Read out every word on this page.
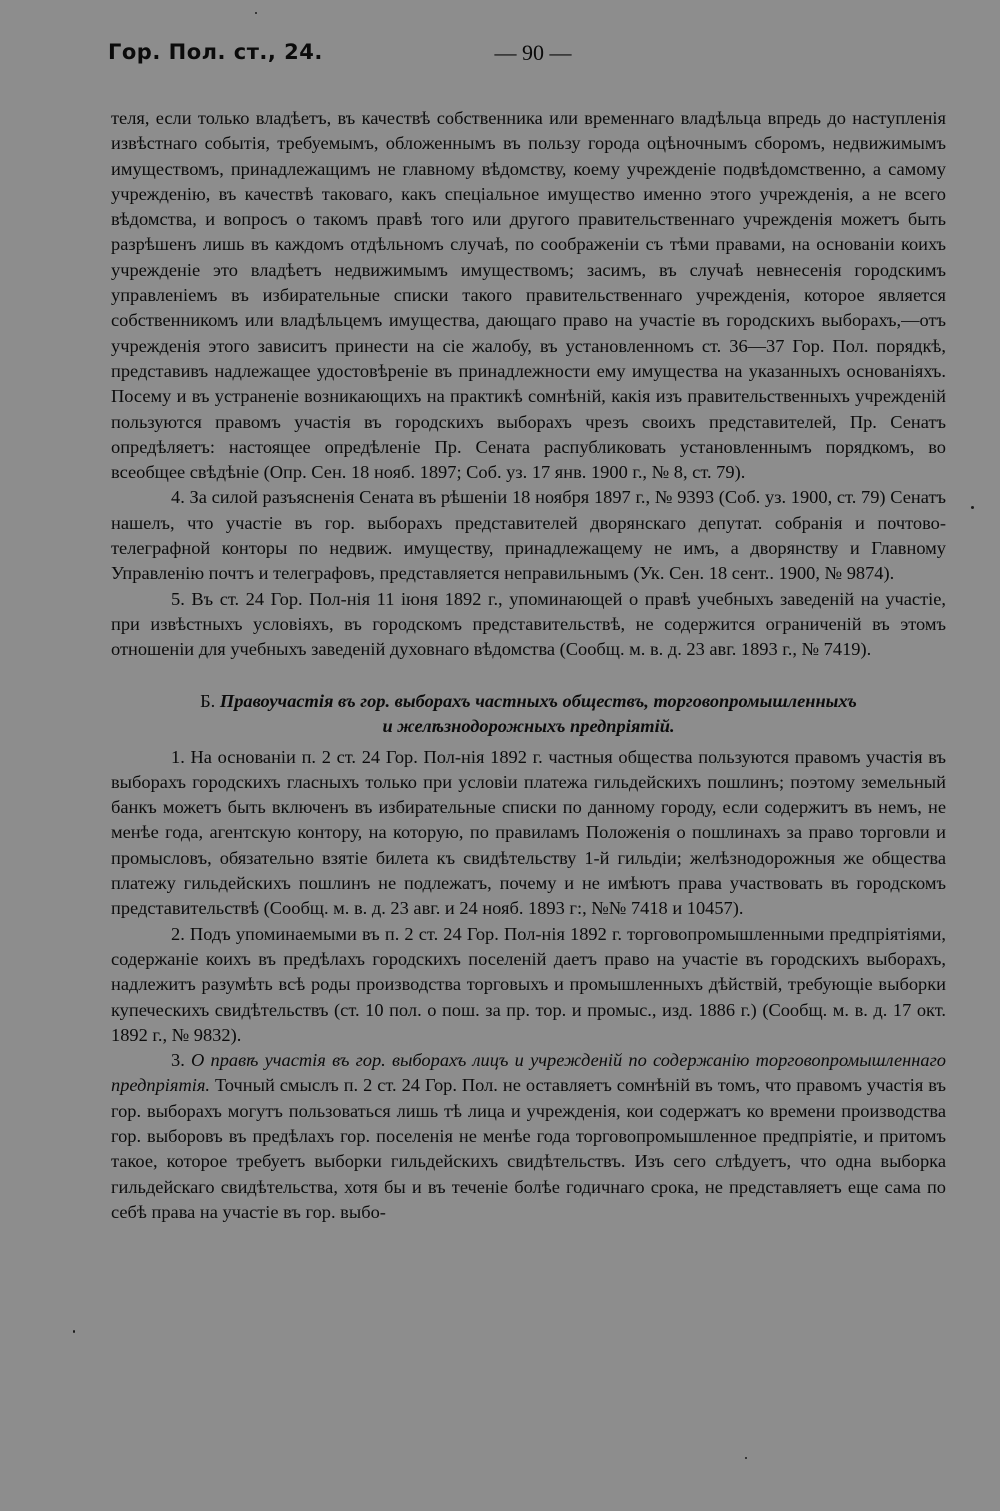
Гор. Пол. ст., 24.	— 90 —

теля, если только владѣетъ, въ качествѣ собственника или временнаго владѣльца впредь до наступленія извѣстнаго событія, требуемымъ, обложеннымъ въ пользу города оцѣночнымъ сборомъ, недвижимымъ имуществомъ, принадлежащимъ не главному вѣдомству, коему учрежденіе подвѣдомственно, а самому учрежденію, въ качествѣ таковаго, какъ спеціальное имущество именно этого учрежденія, а не всего вѣдомства, и вопросъ о такомъ правѣ того или другого правительственнаго учрежденія можетъ быть разрѣшенъ лишь въ каждомъ отдѣльномъ случаѣ, по соображеніи съ тѣми правами, на основаніи коихъ учрежденіе это владѣетъ недвижимымъ имуществомъ; засимъ, въ случаѣ невнесенія городскимъ управленіемъ въ избирательные списки такого правительственнаго учрежденія, которое является собственникомъ или владѣльцемъ имущества, дающаго право на участіе въ городскихъ выборахъ,—отъ учрежденія этого зависитъ принести на сіе жалобу, въ установленномъ ст. 36—37 Гор. Пол. порядкѣ, представивъ надлежащее удостовѣреніе въ принадлежности ему имущества на указанныхъ основаніяхъ. Посему и въ устраненіе возникающихъ на практикѣ сомнѣній, какія изъ правительственныхъ учрежденій пользуются правомъ участія въ городскихъ выборахъ чрезъ своихъ представителей, Пр. Сенатъ опредѣляетъ: настоящее опредѣленіе Пр. Сената распубликовать установленнымъ порядкомъ, во всеобщее свѣдѣніе (Опр. Сен. 18 нояб. 1897; Соб. уз. 17 янв. 1900 г., № 8, ст. 79).

4. За силой разъясненія Сената въ рѣшеніи 18 ноября 1897 г., № 9393 (Соб. уз. 1900, ст. 79) Сенатъ нашелъ, что участіе въ гор. выборахъ представителей дворянскаго депутат. собранія и почтово-телеграфной конторы по недвиж. имуществу, принадлежащему не имъ, а дворянству и Главному Управленію почтъ и телеграфовъ, представляется неправильнымъ (Ук. Сен. 18 сент.. 1900, № 9874).

5. Въ ст. 24 Гор. Пол-нія 11 іюня 1892 г., упоминающей о правѣ учебныхъ заведеній на участіе, при извѣстныхъ условіяхъ, въ городскомъ представительствѣ, не содержится ограниченій въ этомъ отношеніи для учебныхъ заведеній духовнаго вѣдомства (Сообщ. м. в. д. 23 авг. 1893 г., № 7419).

Б. Правоучастія въ гор. выборахъ частныхъ обществъ, торговопромышленныхъ
и желѣзнодорожныхъ предпріятій.

1. На основаніи п. 2 ст. 24 Гор. Пол-нія 1892 г. частныя общества пользуются правомъ участія въ выборахъ городскихъ гласныхъ только при условіи платежа гильдейскихъ пошлинъ; поэтому земельный банкъ можетъ быть включенъ въ избирательные списки по данному городу, если содержитъ въ немъ, не менѣе года, агентскую контору, на которую, по правиламъ Положенія о пошлинахъ за право торговли и промысловъ, обязательно взятіе билета къ свидѣтельству 1-й гильдіи; желѣзнодорожныя же общества платежу гильдейскихъ пошлинъ не подлежатъ, почему и не имѣютъ права участвовать въ городскомъ представительствѣ (Сообщ. м. в. д. 23 авг. и 24 нояб. 1893 г:, №№ 7418 и 10457).

2. Подъ упоминаемыми въ п. 2 ст. 24 Гор. Пол-нія 1892 г. торговопромышленными предпріятіями, содержаніе коихъ въ предѣлахъ городскихъ поселеній даетъ право на участіе въ городскихъ выборахъ, надлежитъ разумѣть всѣ роды производства торговыхъ и промышленныхъ дѣйствій, требующіе выборки купеческихъ свидѣтельствъ (ст. 10 пол. о пош. за пр. тор. и промыс., изд. 1886 г.) (Сообщ. м. в. д. 17 окт. 1892 г., № 9832).

3. О правѣ участія въ гор. выборахъ лицъ и учрежденій по содержанію торговопромышленнаго предпріятія. Точный смыслъ п. 2 ст. 24 Гор. Пол. не оставляетъ сомнѣній въ томъ, что правомъ участія въ гор. выборахъ могутъ пользоваться лишь тѣ лица и учрежденія, кои содержатъ ко времени производства гор. выборовъ въ предѣлахъ гор. поселенія не менѣе года торговопромышленное предпріятіе, и притомъ такое, которое требуетъ выборки гильдейскихъ свидѣтельствъ. Изъ сего слѣдуетъ, что одна выборка гильдейскаго свидѣтельства, хотя бы и въ теченіе болѣе годичнаго срока, не представляетъ еще сама по себѣ права на участіе въ гор. выбо-
